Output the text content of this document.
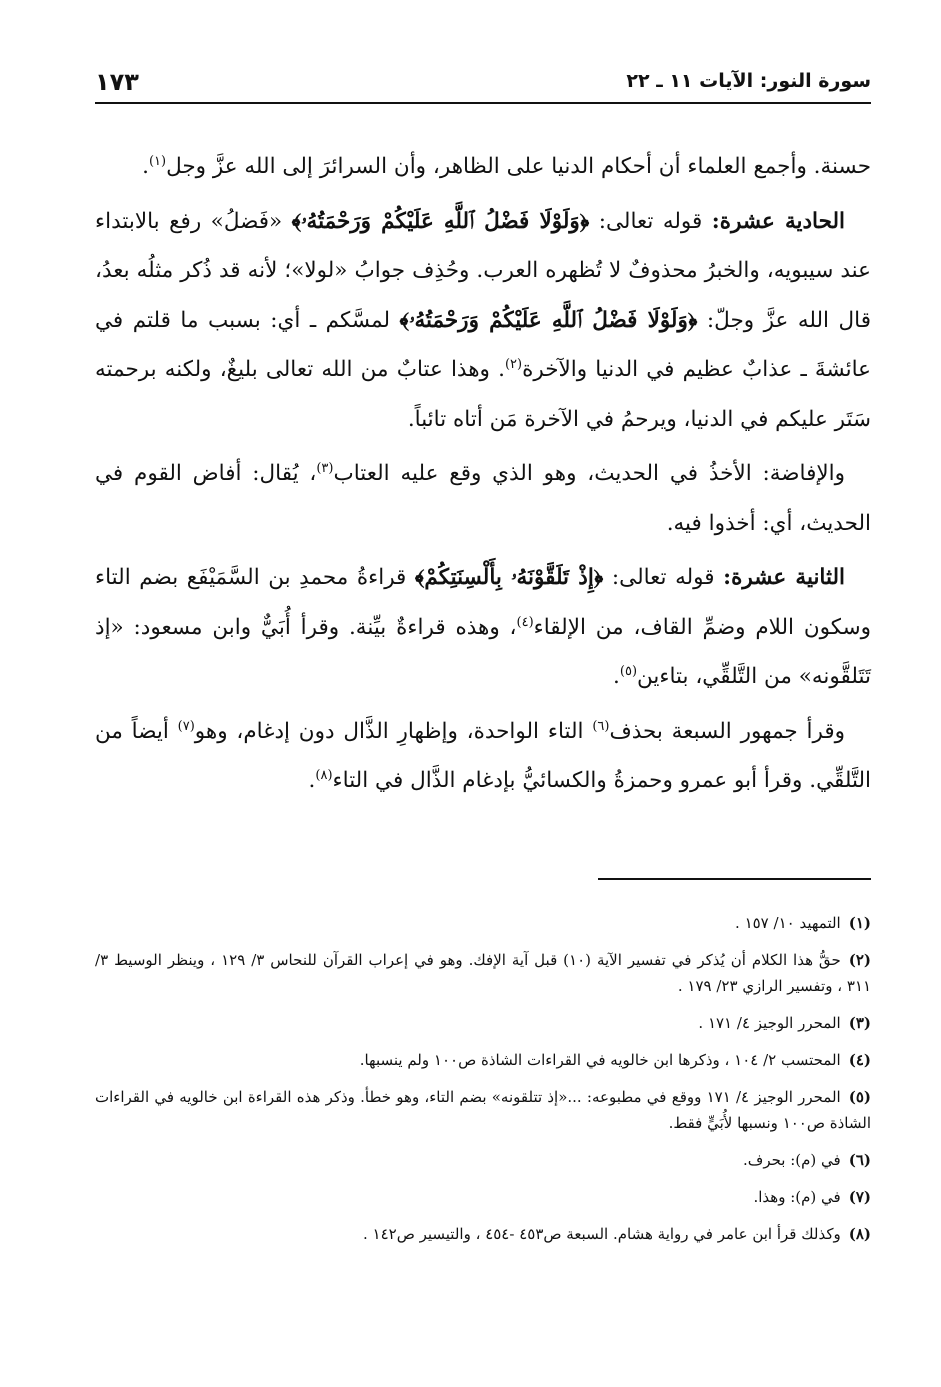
سورة النور: الآيات ١١ ـ ٢٢
١٧٣

حسنة. وأجمع العلماء أن أحكام الدنيا على الظاهر، وأن السرائرَ إلى الله عزَّ وجل$^{(١)}$.

الحادية عشرة: قوله تعالى: ﴿وَلَوْلَا فَضْلُ ٱللَّهِ عَلَيْكُمْ وَرَحْمَتُهُۥ﴾ «فَضلُ» رفع بالابتداء عند سيبويه، والخبرُ محذوفٌ لا تُظهره العرب. وحُذِف جوابُ «لولا»؛ لأنه قد ذُكر مثلُه بعدُ، قال الله عزَّ وجلّ: ﴿وَلَوْلَا فَضْلُ ٱللَّهِ عَلَيْكُمْ وَرَحْمَتُهُۥ﴾ لمسَّكم ـ أي: بسبب ما قلتم في عائشةَ ـ عذابٌ عظيم في الدنيا والآخرة$^{(٢)}$. وهذا عتابٌ من الله تعالى بليغٌ، ولكنه برحمته سَتَر عليكم في الدنيا، ويرحمُ في الآخرة مَن أتاه تائباً.

والإفاضة: الأخذُ في الحديث، وهو الذي وقع عليه العتاب$^{(٣)}$، يُقال: أفاض القوم في الحديث، أي: أخذوا فيه.

الثانية عشرة: قوله تعالى: ﴿إِذْ تَلَقَّوْنَهُۥ بِأَلْسِنَتِكُمْ﴾ قراءةُ محمدِ بن السَّمَيْفَع بضم التاء وسكون اللام وضمِّ القاف، من الإلقاء$^{(٤)}$، وهذه قراءةٌ بيِّنة. وقرأ أُبَيٌّ وابن مسعود: «إذ تَتَلقَّونه» من التَّلقِّي، بتاءين$^{(٥)}$.

وقرأ جمهور السبعة بحذف$^{(٦)}$ التاء الواحدة، وإظهارِ الذَّال دون إدغام، وهو$^{(٧)}$ أيضاً من التَّلقِّي. وقرأ أبو عمرو وحمزةُ والكسائيُّ بإدغام الذَّال في التاء$^{(٨)}$.

(١)التمهيد ١٠/ ١٥٧ .

(٢)حقُّ هذا الكلام أن يُذكر في تفسير الآية (١٠) قبل آية الإفك. وهو في إعراب القرآن للنحاس ٣/ ١٢٩ ، وينظر الوسيط ٣/ ٣١١ ، وتفسير الرازي ٢٣/ ١٧٩ .

(٣)المحرر الوجيز ٤/ ١٧١ .

(٤)المحتسب ٢/ ١٠٤ ، وذكرها ابن خالويه في القراءات الشاذة ص١٠٠ ولم ينسبها.

(٥)المحرر الوجيز ٤/ ١٧١ ووقع في مطبوعه: ...«إذ تتلقونه» بضم التاء، وهو خطأ. وذكر هذه القراءة ابن خالويه في القراءات الشاذة ص١٠٠ ونسبها لأُبَيٍّ فقط.

(٦)في (م): بحرف.

(٧)في (م): وهذا.

(٨)وكذلك قرأ ابن عامر في رواية هشام. السبعة ص٤٥٣ -٤٥٤ ، والتيسير ص١٤٢ .
